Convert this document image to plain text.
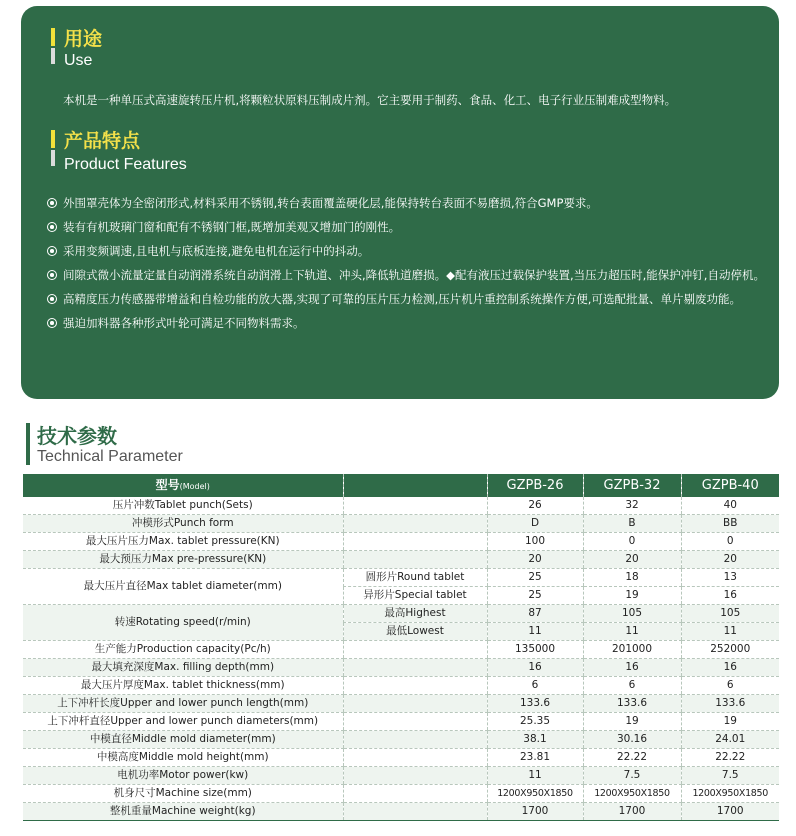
用途
Use
本机是一种单压式高速旋转压片机,将颗粒状原料压制成片剂。它主要用于制药、食品、化工、电子行业压制难成型物料。
产品特点
Product Features
外围罩壳体为全密闭形式,材料采用不锈钢,转台表面覆盖硬化层,能保持转台表面不易磨损,符合GMP要求。
装有有机玻璃门窗和配有不锈钢门框,既增加美观又增加门的刚性。
采用变频调速,且电机与底板连接,避免电机在运行中的抖动。
间隙式微小流量定量自动润滑系统自动润滑上下轨道、冲头,降低轨道磨损。◆配有液压过载保护装置,当压力超压时,能保护冲钉,自动停机。
高精度压力传感器带增益和自检功能的放大器,实现了可靠的压片压力检测,压片机片重控制系统操作方便,可选配批量、单片剔废功能。
强迫加料器各种形式叶轮可满足不同物料需求。
技术参数
Technical Parameter
型号(Model)		GZPB-26	GZPB-32	GZPB-40
压片冲数Tablet punch(Sets)		26	32	40
冲模形式Punch form		D	B	BB
最大压片压力Max. tablet pressure(KN)		100	0	0
最大预压力Max pre-pressure(KN)		20	20	20
最大压片直径Max tablet diameter(mm)	圆形片Round tablet	25	18	13
	异形片Special tablet	25	19	16
转速Rotating speed(r/min)	最高Highest	87	105	105
	最低Lowest	11	11	11
生产能力Production capacity(Pc/h)		135000	201000	252000
最大填充深度Max. filling depth(mm)		16	16	16
最大压片厚度Max. tablet thickness(mm)		6	6	6
上下冲杆长度Upper and lower punch length(mm)		133.6	133.6	133.6
上下冲杆直径Upper and lower punch diameters(mm)		25.35	19	19
中模直径Middle mold diameter(mm)		38.1	30.16	24.01
中模高度Middle mold height(mm)		23.81	22.22	22.22
电机功率Motor power(kw)		11	7.5	7.5
机身尺寸Machine size(mm)		1200X950X1850	1200X950X1850	1200X950X1850
整机重量Machine weight(kg)		1700	1700	1700
